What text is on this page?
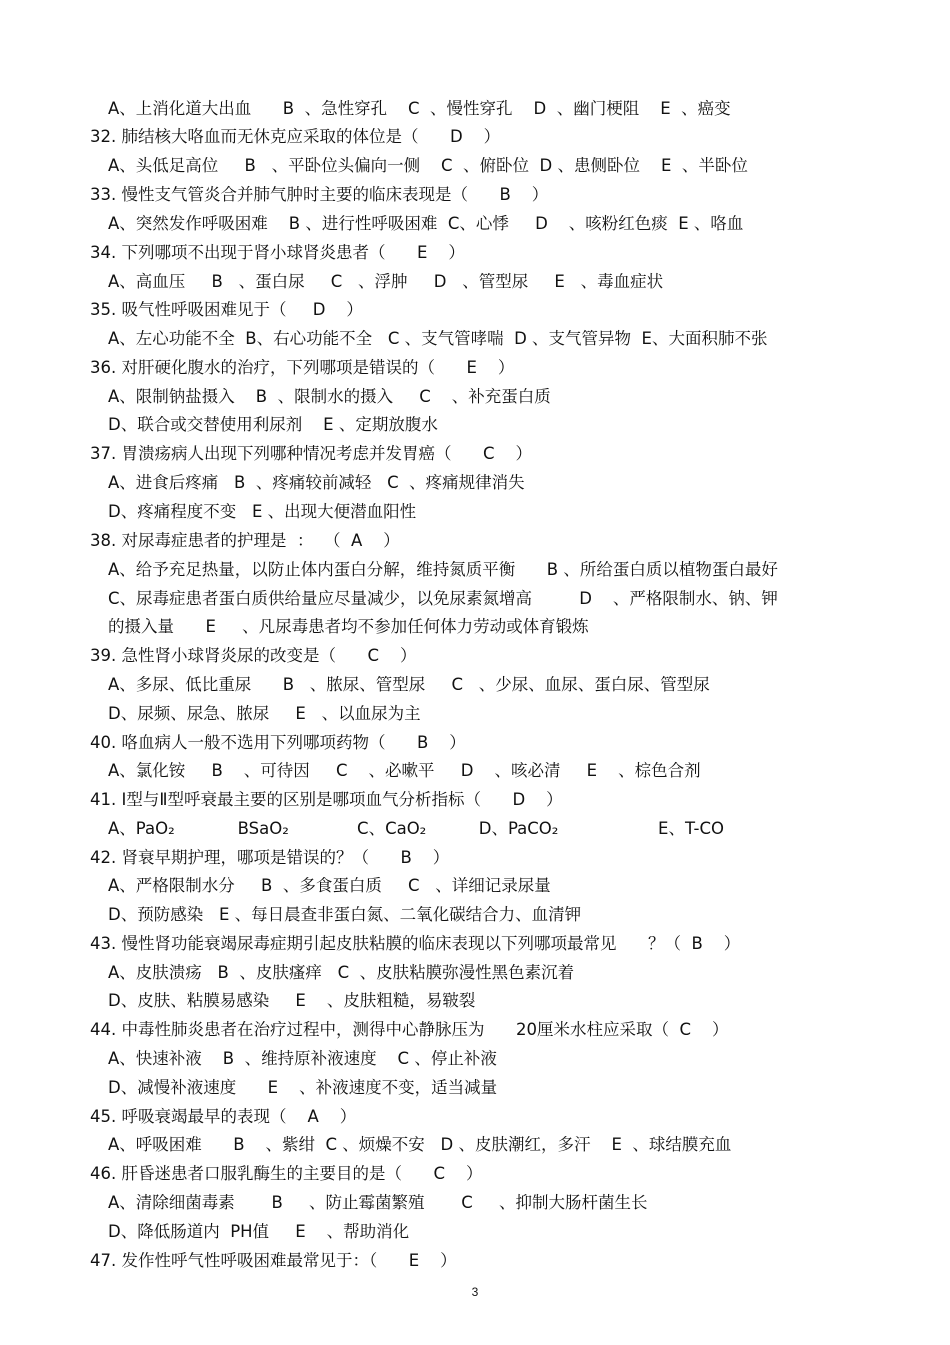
A、上消化道大出血      B  、急性穿孔    C  、慢性穿孔    D  、幽门梗阻    E  、癌变
32. 肺结核大咯血而无休克应采取的体位是（      D    ）
A、头低足高位     B   、平卧位头偏向一侧    C  、俯卧位  D 、患侧卧位    E  、半卧位
33. 慢性支气管炎合并肺气肿时主要的临床表现是（      B    ）
A、突然发作呼吸困难    B 、进行性呼吸困难  C、心悸     D    、咳粉红色痰  E 、咯血
34. 下列哪项不出现于肾小球肾炎患者（      E    ）
A、高血压     B   、蛋白尿     C   、浮肿     D   、管型尿     E   、毒血症状
35. 吸气性呼吸困难见于（     D    ）
A、左心功能不全  B、右心功能不全   C 、支气管哮喘  D 、支气管异物  E、大面积肺不张
36. 对肝硬化腹水的治疗，下列哪项是错误的（      E    ）
A、限制钠盐摄入    B  、限制水的摄入     C    、补充蛋白质
D、联合或交替使用利尿剂    E 、定期放腹水
37. 胃溃疡病人出现下列哪种情况考虑并发胃癌（      C    ）
A、进食后疼痛   B  、疼痛较前减轻   C  、疼痛规律消失
D、疼痛程度不变   E 、出现大便潜血阳性
38. 对尿毒症患者的护理是  ：  （  A    ）
A、给予充足热量，以防止体内蛋白分解，维持氮质平衡      B 、所给蛋白质以植物蛋白最好
C、尿毒症患者蛋白质供给量应尽量减少，以免尿素氮增高         D    、严格限制水、钠、钾
的摄入量      E     、凡尿毒患者均不参加任何体力劳动或体育锻炼
39. 急性肾小球肾炎尿的改变是（      C    ）
A、多尿、低比重尿      B   、脓尿、管型尿     C   、少尿、血尿、蛋白尿、管型尿
D、尿频、尿急、脓尿     E   、以血尿为主
40. 咯血病人一般不选用下列哪项药物（      B    ）
A、氯化铵     B    、可待因     C    、必嗽平     D    、咳必清     E    、棕色合剂
41. Ⅰ型与Ⅱ型呼衰最主要的区别是哪项血气分析指标（      D    ）
A、PaO₂            BSaO₂             C、CaO₂          D、PaCO₂                   E、T-CO
42. 肾衰早期护理，哪项是错误的？（      B    ）
A、严格限制水分     B  、多食蛋白质     C   、详细记录尿量
D、预防感染   E 、每日晨查非蛋白氮、二氧化碳结合力、血清钾
43. 慢性肾功能衰竭尿毒症期引起皮肤粘膜的临床表现以下列哪项最常见      ？（  B    ）
A、皮肤溃疡   B  、皮肤瘙痒   C  、皮肤粘膜弥漫性黑色素沉着
D、皮肤、粘膜易感染     E    、皮肤粗糙，易皲裂
44. 中毒性肺炎患者在治疗过程中，测得中心静脉压为      20厘米水柱应采取（  C    ）
A、快速补液    B  、维持原补液速度    C 、停止补液
D、减慢补液速度      E    、补液速度不变，适当减量
45. 呼吸衰竭最早的表现（    A    ）
A、呼吸困难      B    、紫绀  C 、烦燥不安   D 、皮肤潮红，多汗    E  、球结膜充血
46. 肝昏迷患者口服乳酶生的主要目的是（      C    ）
A、清除细菌毒素       B     、防止霉菌繁殖       C     、抑制大肠杆菌生长
D、降低肠道内  PH值     E    、帮助消化
47. 发作性呼气性呼吸困难最常见于：（      E    ）
3
